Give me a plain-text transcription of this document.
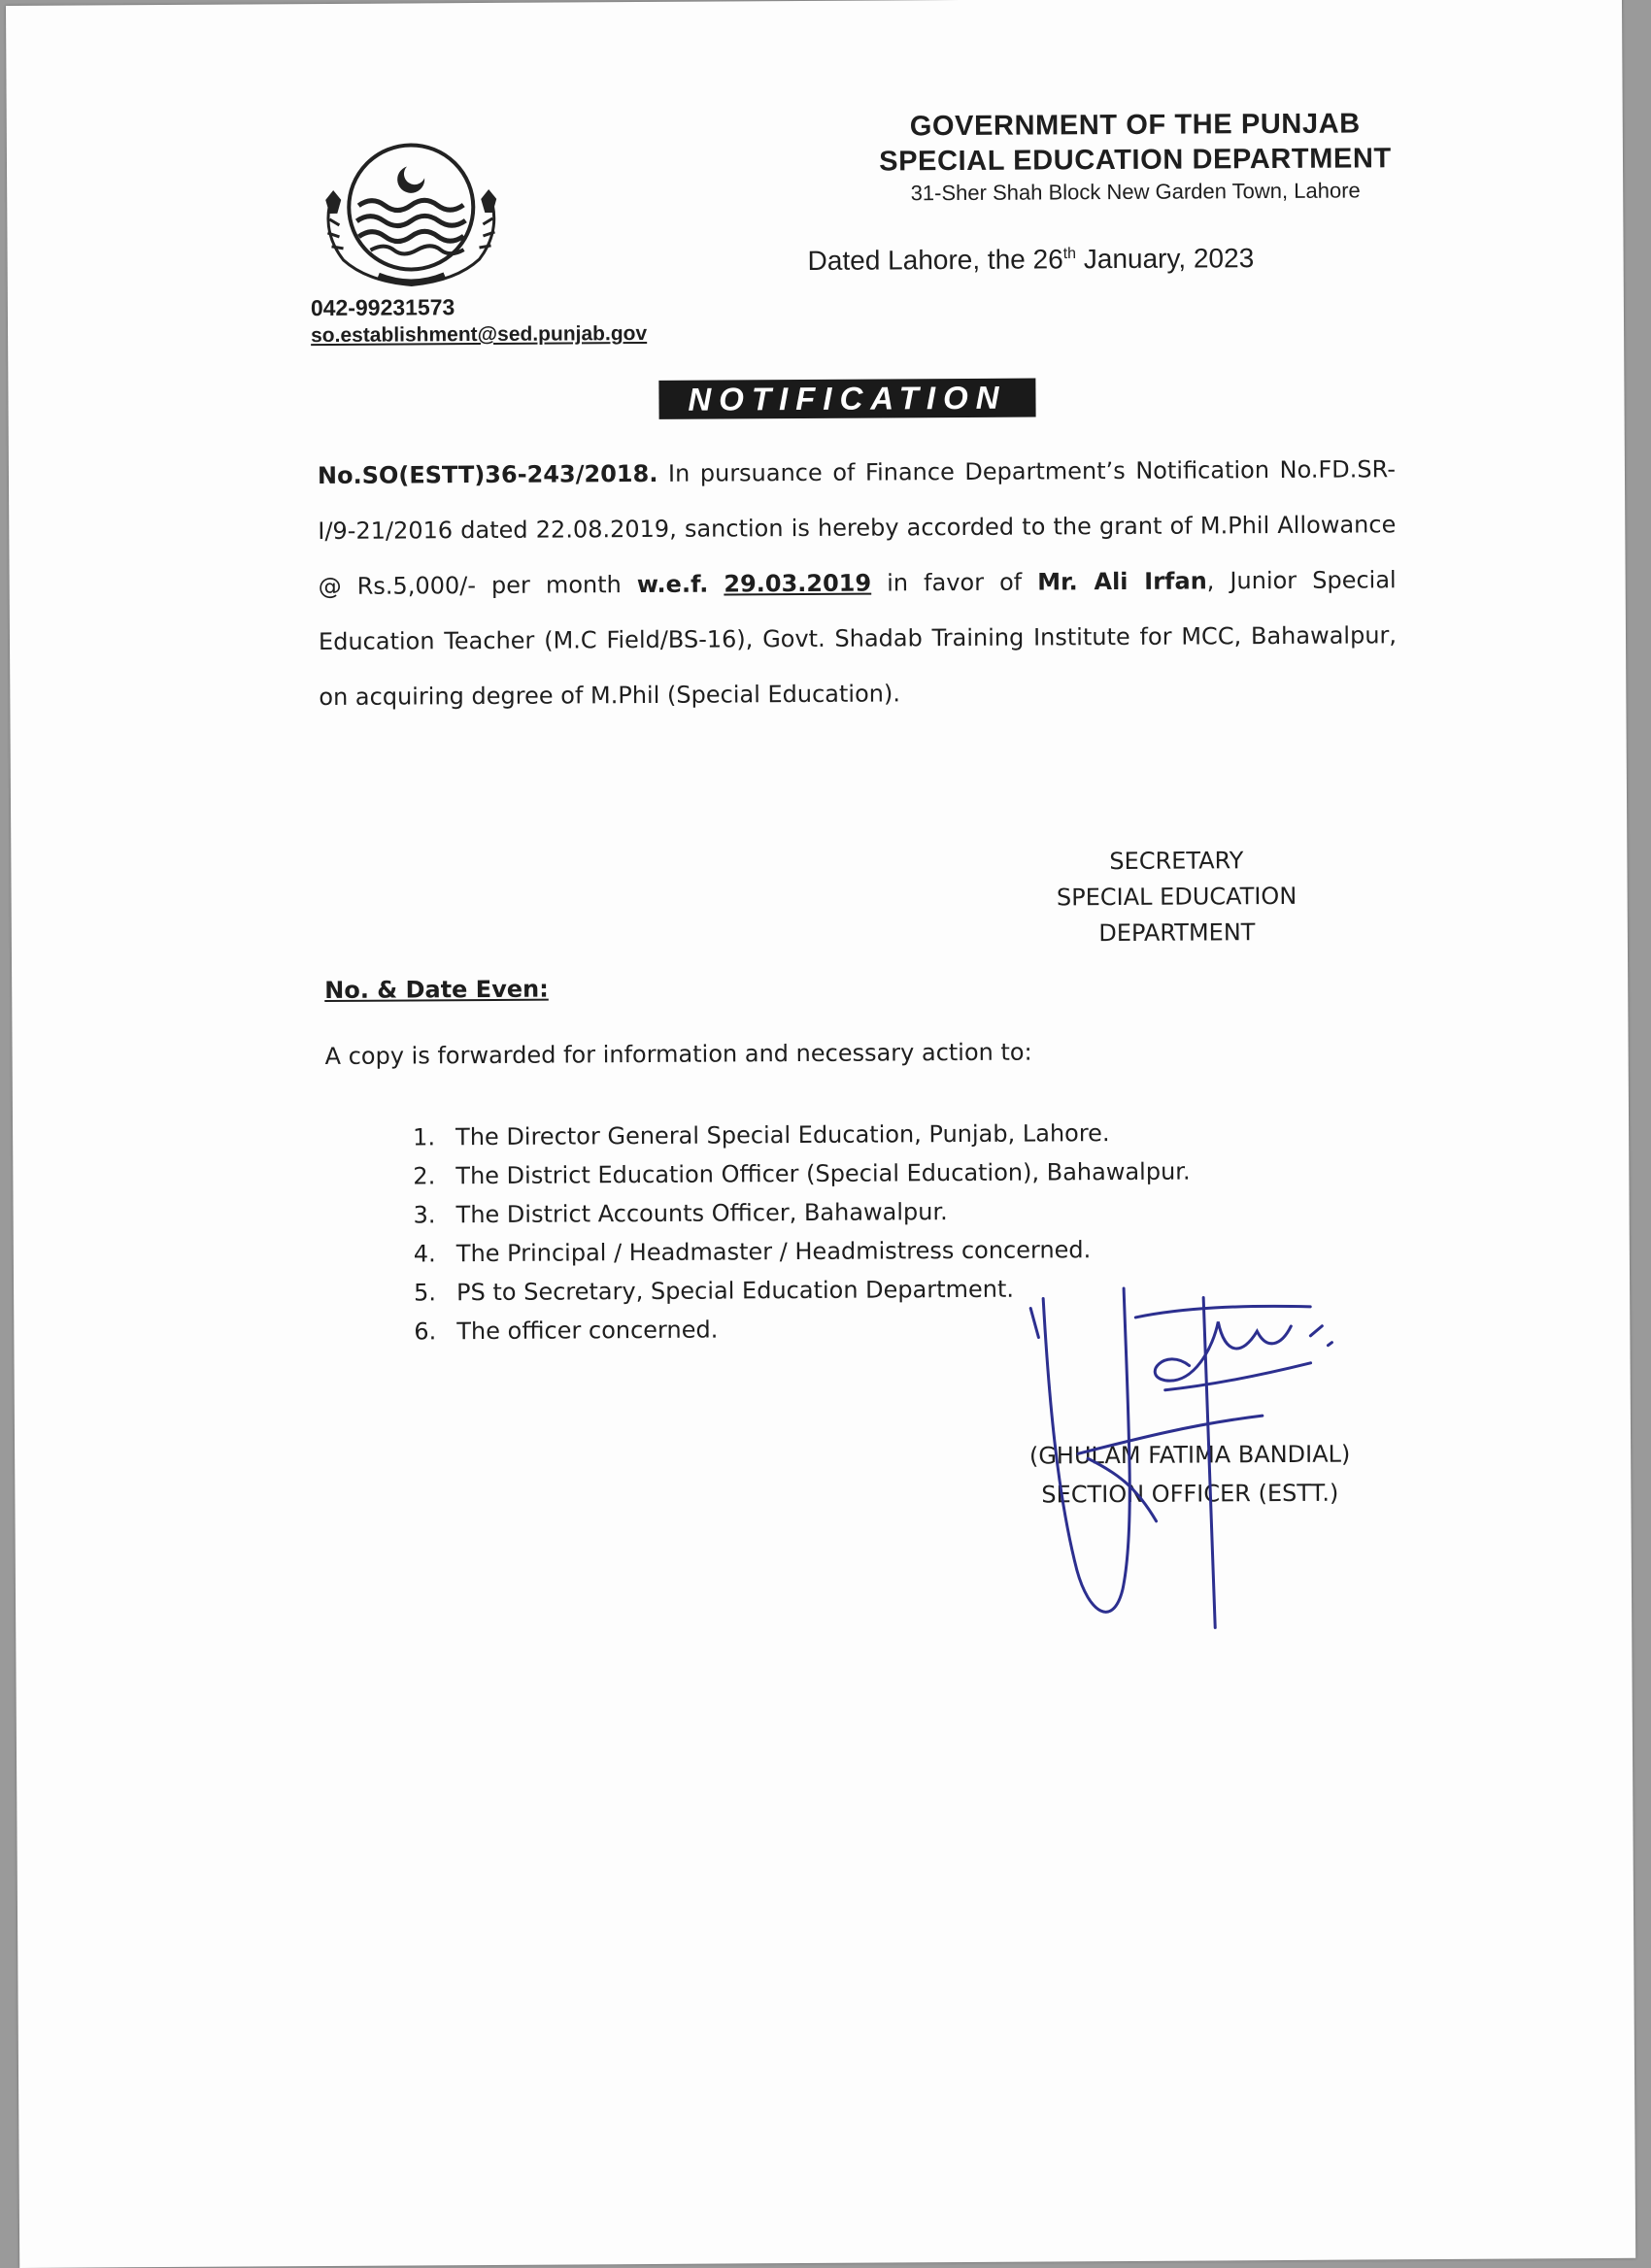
GOVERNMENT OF THE PUNJAB
SPECIAL EDUCATION DEPARTMENT
31-Sher Shah Block New Garden Town, Lahore
Dated Lahore, the 26th January, 2023
042-99231573
so.establishment@sed.punjab.gov
NOTIFICATION
No.SO(ESTT)36-243/2018. In pursuance of Finance Department’s Notification No.FD.SR-I/9-21/2016 dated 22.08.2019, sanction is hereby accorded to the grant of M.Phil Allowance @ Rs.5,000/- per month w.e.f. 29.03.2019 in favor of Mr. Ali Irfan, Junior Special Education Teacher (M.C Field/BS-16), Govt. Shadab Training Institute for MCC, Bahawalpur, on acquiring degree of M.Phil (Special Education).
SECRETARY
SPECIAL EDUCATION
DEPARTMENT
No. & Date Even:
A copy is forwarded for information and necessary action to:
1. The Director General Special Education, Punjab, Lahore.
2. The District Education Officer (Special Education), Bahawalpur.
3. The District Accounts Officer, Bahawalpur.
4. The Principal / Headmaster / Headmistress concerned.
5. PS to Secretary, Special Education Department.
6. The officer concerned.
(GHULAM FATIMA BANDIAL)
SECTION OFFICER (ESTT.)
